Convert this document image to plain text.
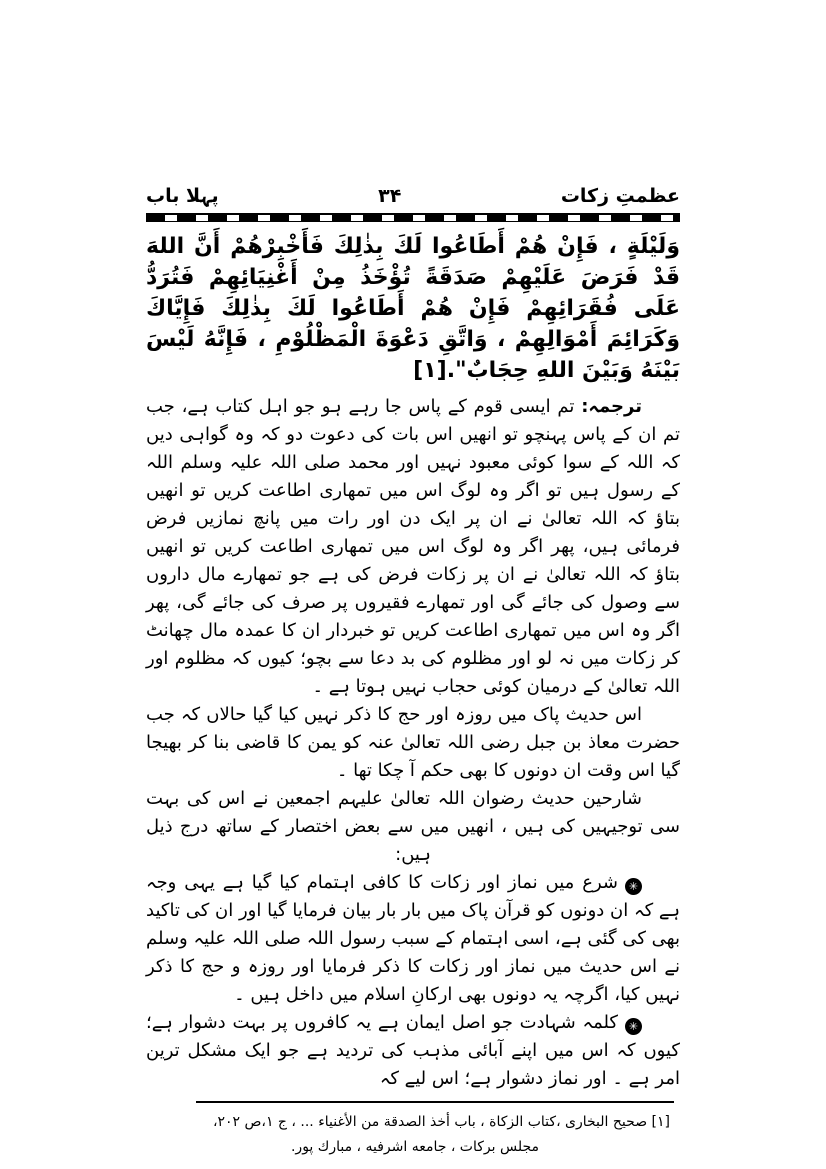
عظمتِ زکات
۳۴
پہلا باب
وَلَيْلَةٍ ، فَإِنْ هُمْ أَطَاعُوا لَكَ بِذٰلِكَ فَأَخْبِرْهُمْ أَنَّ اللهَ قَدْ فَرَضَ عَلَيْهِمْ صَدَقَةً تُؤْخَذُ مِنْ أَغْنِيَائِهِمْ فَتُرَدُّ عَلَى فُقَرَائِهِمْ فَإِنْ هُمْ أَطَاعُوا لَكَ بِذٰلِكَ فَإِيَّاكَ وَكَرَائِمَ أَمْوَالِهِمْ ، وَاتَّقِ دَعْوَةَ الْمَظْلُوْمِ ، فَإِنَّهُ لَيْسَ بَيْنَهُ وَبَيْنَ اللهِ حِجَابٌ".[۱]
ترجمہ: تم ایسی قوم کے پاس جا رہے ہو جو اہل کتاب ہے، جب تم ان کے پاس پہنچو تو انھیں اس بات کی دعوت دو کہ وہ گواہی دیں کہ اللہ کے سوا کوئی معبود نہیں اور محمد صلی اللہ علیہ وسلم اللہ کے رسول ہیں تو اگر وہ لوگ اس میں تمھاری اطاعت کریں تو انھیں بتاؤ کہ اللہ تعالیٰ نے ان پر ایک دن اور رات میں پانچ نمازیں فرض فرمائی ہیں، پھر اگر وہ لوگ اس میں تمھاری اطاعت کریں تو انھیں بتاؤ کہ اللہ تعالیٰ نے ان پر زکات فرض کی ہے جو تمھارے مال داروں سے وصول کی جائے گی اور تمھارے فقیروں پر صرف کی جائے گی، پھر اگر وہ اس میں تمھاری اطاعت کریں تو خبردار ان کا عمدہ مال چھانٹ کر زکات میں نہ لو اور مظلوم کی بد دعا سے بچو؛ کیوں کہ مظلوم اور اللہ تعالیٰ کے درمیان کوئی حجاب نہیں ہوتا ہے ۔
اس حدیث پاک میں روزہ اور حج کا ذکر نہیں کیا گیا حالاں کہ جب حضرت معاذ بن جبل رضی اللہ تعالیٰ عنہ کو یمن کا قاضی بنا کر بھیجا گیا اس وقت ان دونوں کا بھی حکم آ چکا تھا ۔
شارحین حدیث رضوان اللہ تعالیٰ علیہم اجمعین نے اس کی بہت سی توجیہیں کی ہیں ، انھیں میں سے بعض اختصار کے ساتھ درج ذیل ہیں:
✳شرع میں نماز اور زکات کا کافی اہتمام کیا گیا ہے یہی وجہ ہے کہ ان دونوں کو قرآن پاک میں بار بار بیان فرمایا گیا اور ان کی تاکید بھی کی گئی ہے، اسی اہتمام کے سبب رسول اللہ صلی اللہ علیہ وسلم نے اس حدیث میں نماز اور زکات کا ذکر فرمایا اور روزہ و حج کا ذکر نہیں کیا، اگرچہ یہ دونوں بھی ارکانِ اسلام میں داخل ہیں ۔
✳کلمہ شہادت جو اصل ایمان ہے یہ کافروں پر بہت دشوار ہے؛ کیوں کہ اس میں اپنے آبائی مذہب کی تردید ہے جو ایک مشکل ترین امر ہے ۔ اور نماز دشوار ہے؛ اس لیے کہ
[۱] صحیح البخاری ،کتاب الزکاة ، باب أخذ الصدقة من الأغنیاء ... ، ج ۱،ص ۲۰۲،
مجلس برکات ، جامعه اشرفیه ، مبارك پور.
